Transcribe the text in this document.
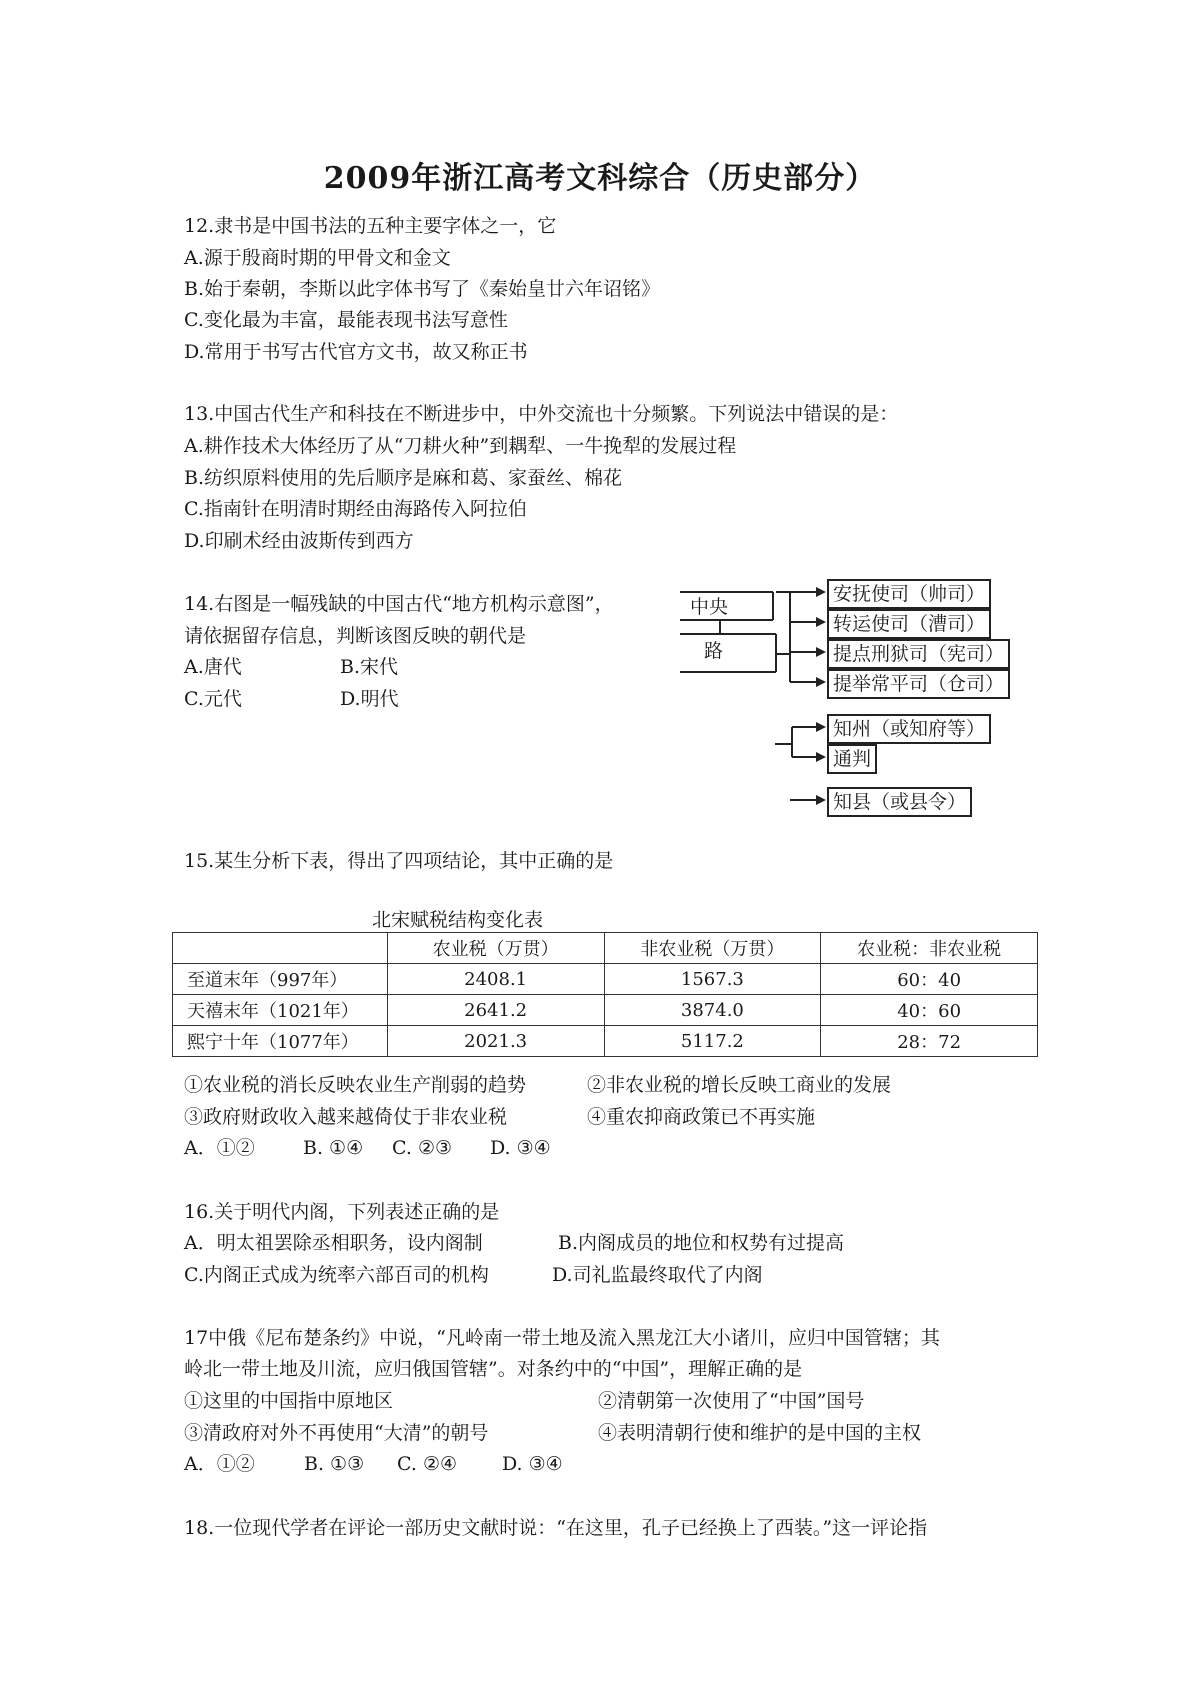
2009年浙江高考文科综合（历史部分）
12.隶书是中国书法的五种主要字体之一，它
A.源于殷商时期的甲骨文和金文
B.始于秦朝，李斯以此字体书写了《秦始皇廿六年诏铭》
C.变化最为丰富，最能表现书法写意性
D.常用于书写古代官方文书，故又称正书
13.中国古代生产和科技在不断进步中，中外交流也十分频繁。下列说法中错误的是：
A.耕作技术大体经历了从“刀耕火种”到耦犁、一牛挽犁的发展过程
B.纺织原料使用的先后顺序是麻和葛、家蚕丝、棉花
C.指南针在明清时期经由海路传入阿拉伯
D.印刷术经由波斯传到西方
14.右图是一幅残缺的中国古代“地方机构示意图”，
请依据留存信息，判断该图反映的朝代是
A.唐代	B.宋代
C.元代	D.明代
中央
路
安抚使司（帅司）
转运使司（漕司）
提点刑狱司（宪司）
提举常平司（仓司）
知州（或知府等）
通判
知县（或县令）
15.某生分析下表，得出了四项结论，其中正确的是
北宋赋税结构变化表
	农业税（万贯）	非农业税（万贯）	农业税：非农业税
至道末年（997年）	2408.1	1567.3	60：40
天禧末年（1021年）	2641.2	3874.0	40：60
熙宁十年（1077年）	2021.3	5117.2	28：72
①农业税的消长反映农业生产削弱的趋势	②非农业税的增长反映工商业的发展
③政府财政收入越来越倚仗于非农业税	④重农抑商政策已不再实施
A．①②	B. ①④ C. ②③ D. ③④
16.关于明代内阁，下列表述正确的是
A．明太祖罢除丞相职务，设内阁制	B.内阁成员的地位和权势有过提高
C.内阁正式成为统率六部百司的机构	D.司礼监最终取代了内阁
17中俄《尼布楚条约》中说，“凡岭南一带土地及流入黑龙江大小诸川，应归中国管辖；其
岭北一带土地及川流，应归俄国管辖”。对条约中的“中国”，理解正确的是
①这里的中国指中原地区	②清朝第一次使用了“中国”国号
③清政府对外不再使用“大清”的朝号	④表明清朝行使和维护的是中国的主权
A．①②	B. ①③ C. ②④ D. ③④
18.一位现代学者在评论一部历史文献时说：“在这里，孔子已经换上了西装。”这一评论指
